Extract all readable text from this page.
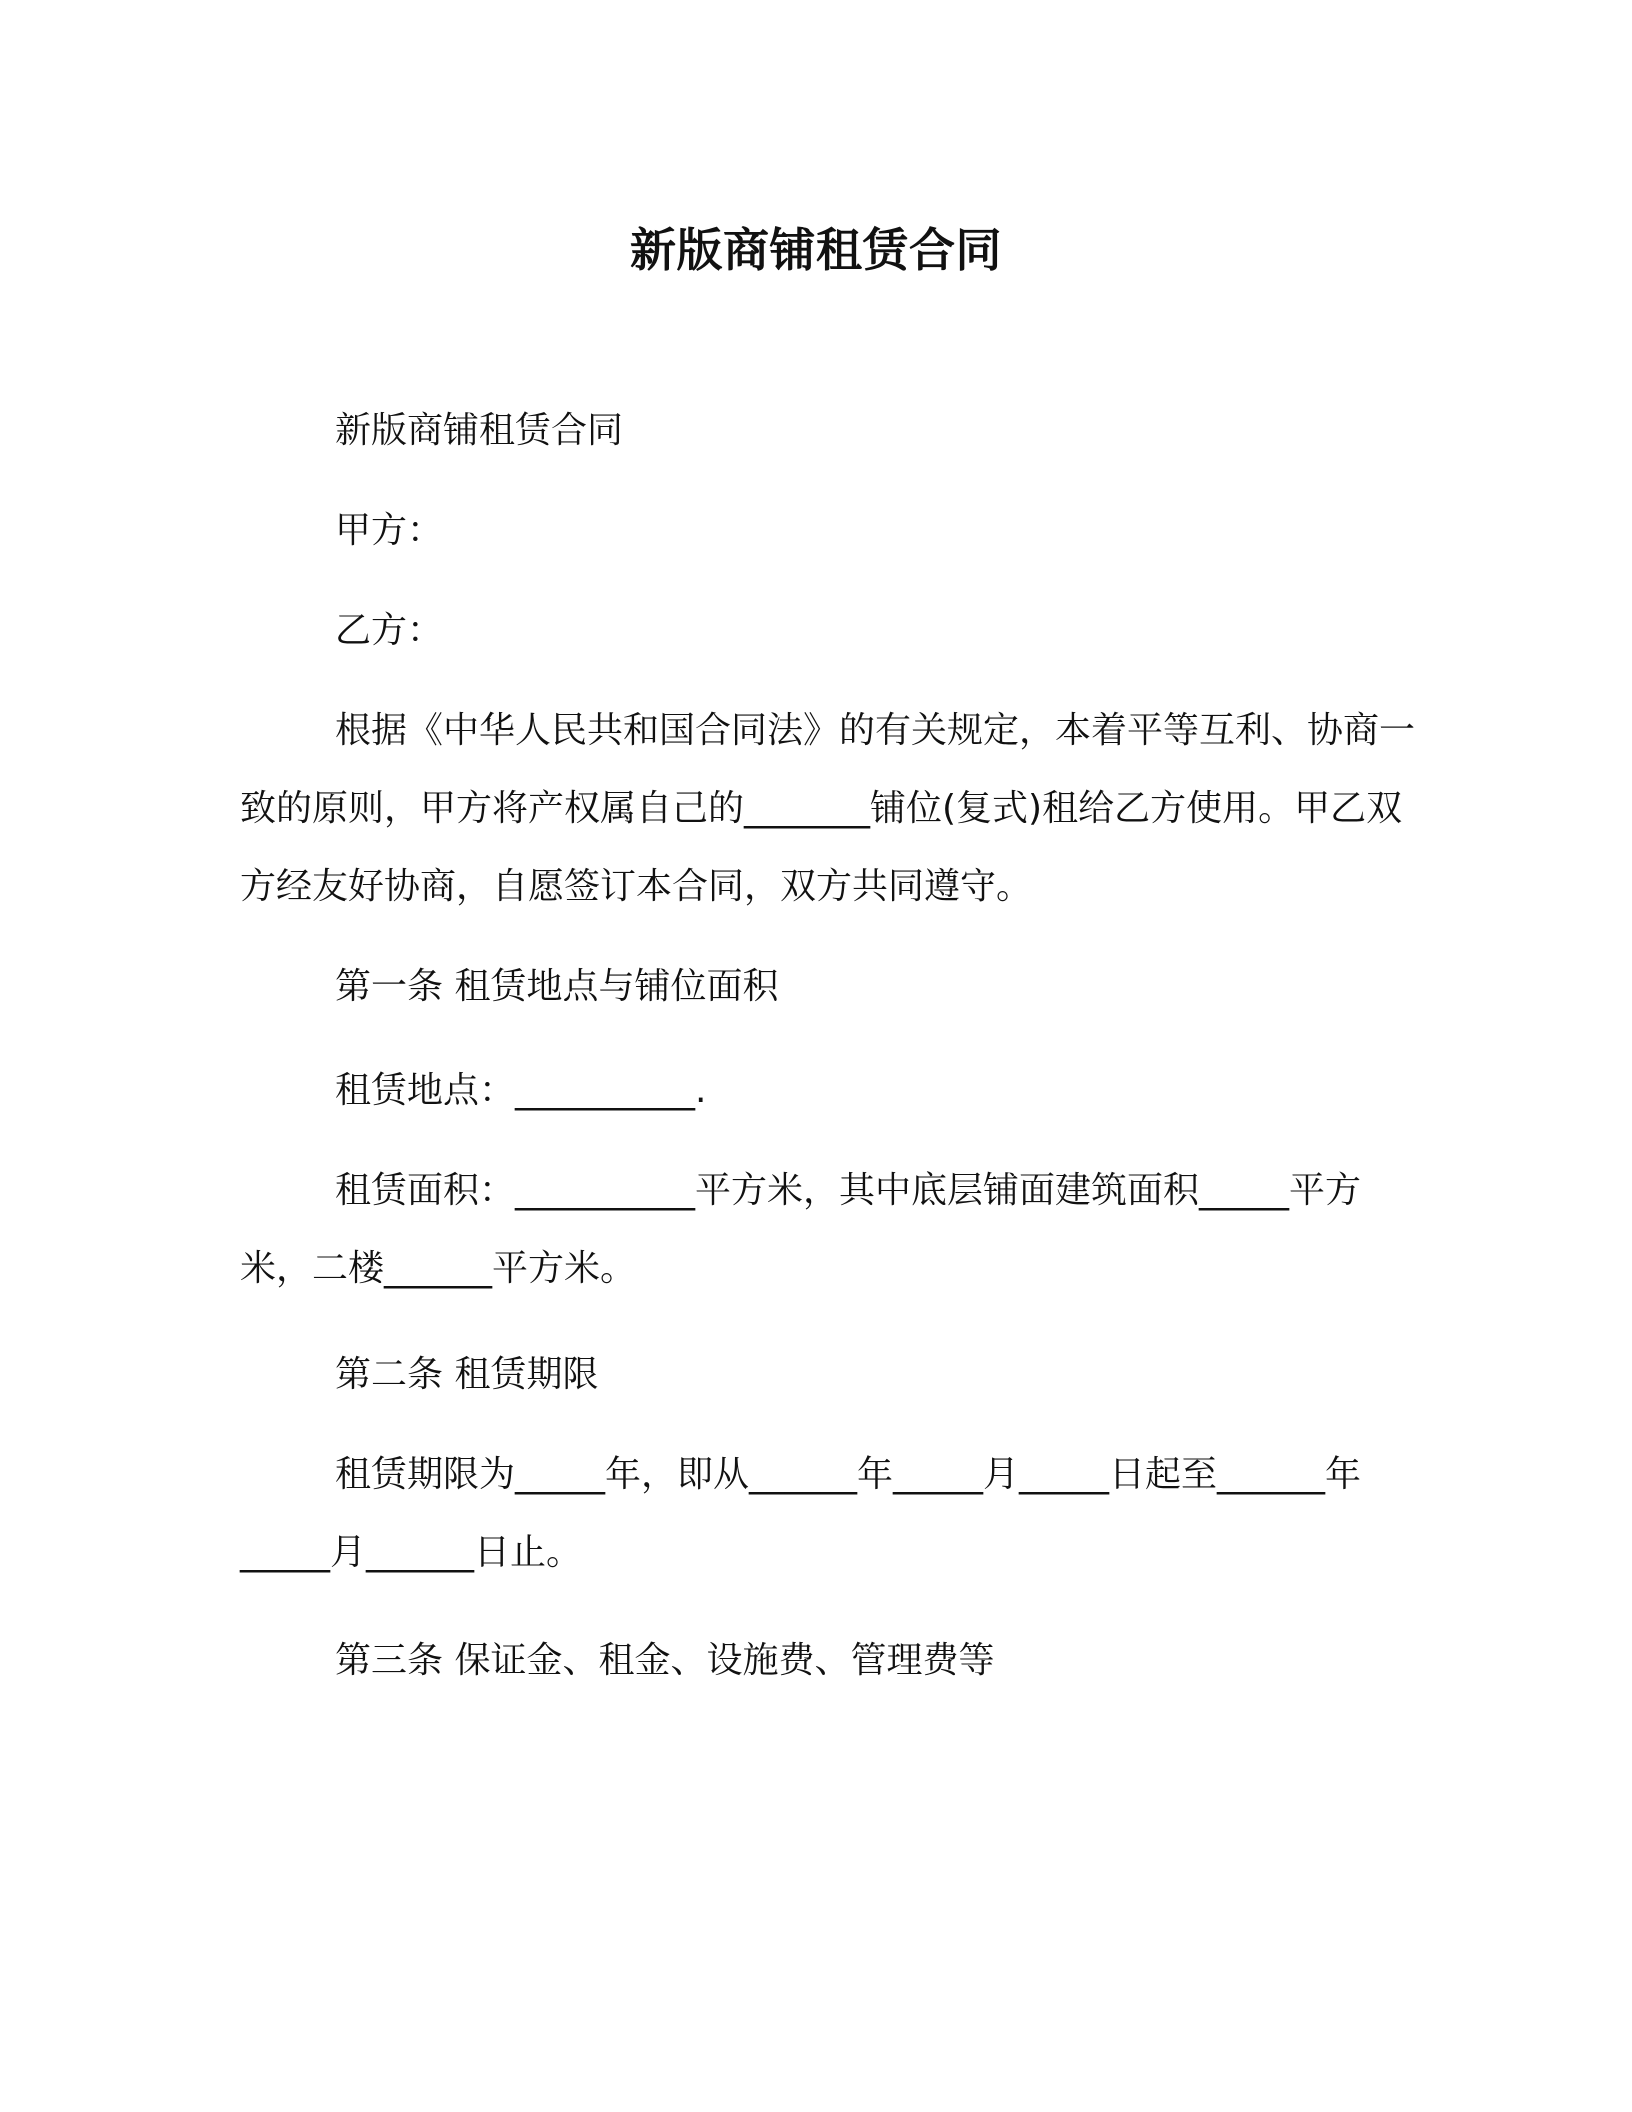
新版商铺租赁合同
新版商铺租赁合同
甲方：
乙方：
根据《中华人民共和国合同法》的有关规定，本着平等互利、协商一致的原则，甲方将产权属自己的_______铺位(复式)租给乙方使用。甲乙双方经友好协商，自愿签订本合同，双方共同遵守。
第一条 租赁地点与铺位面积
租赁地点：__________.
租赁面积：__________平方米，其中底层铺面建筑面积_____平方米，二楼______平方米。
第二条 租赁期限
租赁期限为_____年，即从______年_____月_____日起至______年_____月______日止。
第三条 保证金、租金、设施费、管理费等
